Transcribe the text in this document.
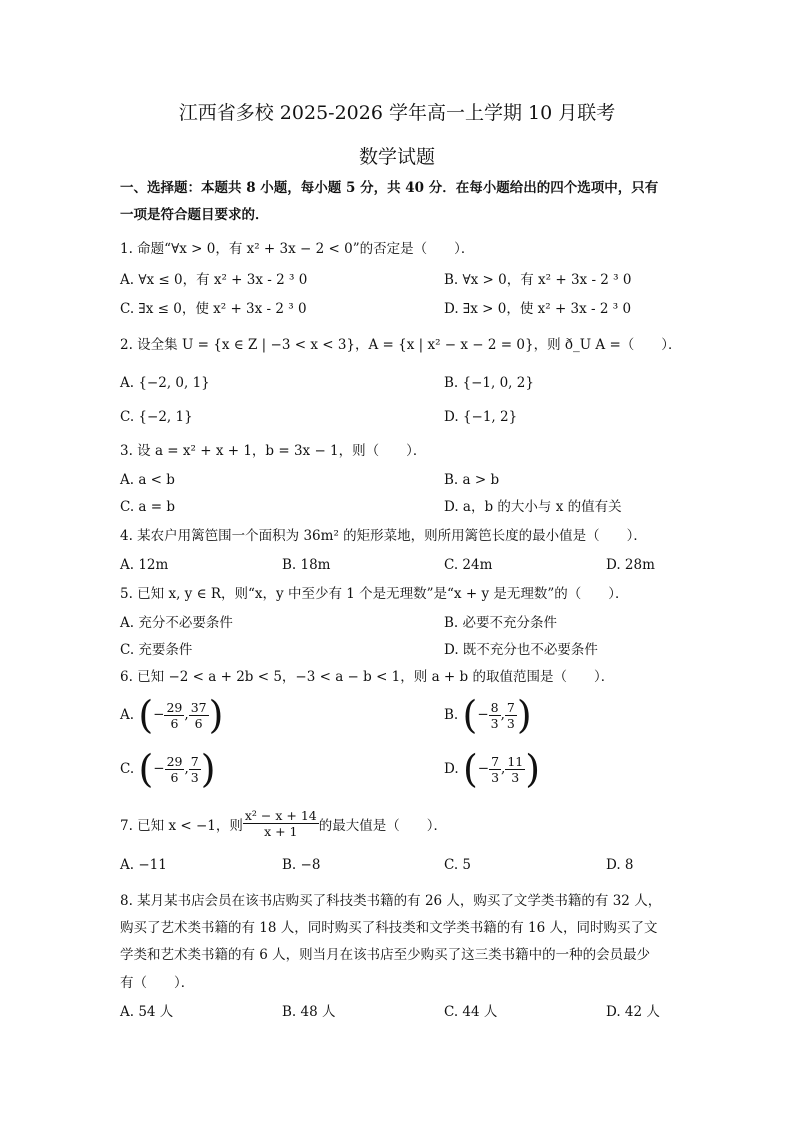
江西省多校 2025-2026 学年高一上学期 10 月联考
数学试题
一、选择题：本题共 8 小题，每小题 5 分，共 40 分．在每小题给出的四个选项中，只有
一项是符合题目要求的．
1. 命题“∀x > 0，有 x² + 3x − 2 < 0”的否定是（　　）．
A. ∀x ≤ 0，有 x² + 3x - 2 ³ 0	B. ∀x > 0，有 x² + 3x - 2 ³ 0
C. ∃x ≤ 0，使 x² + 3x - 2 ³ 0	D. ∃x > 0，使 x² + 3x - 2 ³ 0
2. 设全集 U = {x ∈ Z | −3 < x < 3}，A = {x | x² − x − 2 = 0}，则 ð_U A =（　　）．
A. {−2, 0, 1}	B. {−1, 0, 2}
C. {−2, 1}	D. {−1, 2}
3. 设 a = x² + x + 1，b = 3x − 1，则（　　）．
A. a < b	B. a > b
C. a = b	D. a，b 的大小与 x 的值有关
4. 某农户用篱笆围一个面积为 36m² 的矩形菜地，则所用篱笆长度的最小值是（　　）．
A. 12m	B. 18m	C. 24m	D. 28m
5. 已知 x, y ∈ R，则“x，y 中至少有 1 个是无理数”是“x + y 是无理数”的（　　）．
A. 充分不必要条件	B. 必要不充分条件
C. 充要条件	D. 既不充分也不必要条件
6. 已知 −2 < a + 2b < 5，−3 < a − b < 1，则 a + b 的取值范围是（　　）．
A. (− $\frac{29}{6}$ , $\frac{37}{6}$ )	B. (− $\frac{8}{3}$ , $\frac{7}{3}$ )
C. (− $\frac{29}{6}$ , $\frac{7}{3}$ )	D. (− $\frac{7}{3}$ , $\frac{11}{3}$ )
7. 已知 x < −1，则 $\frac{\text{x² − x + 14}}{x + 1}$ 的最大值是（　　）．
A. −11	B. −8	C. 5	D. 8
8. 某月某书店会员在该书店购买了科技类书籍的有 26 人，购买了文学类书籍的有 32 人，
购买了艺术类书籍的有 18 人，同时购买了科技类和文学类书籍的有 16 人，同时购买了文
学类和艺术类书籍的有 6 人，则当月在该书店至少购买了这三类书籍中的一种的会员最少
有（　　）．
A. 54 人	B. 48 人	C. 44 人	D. 42 人
